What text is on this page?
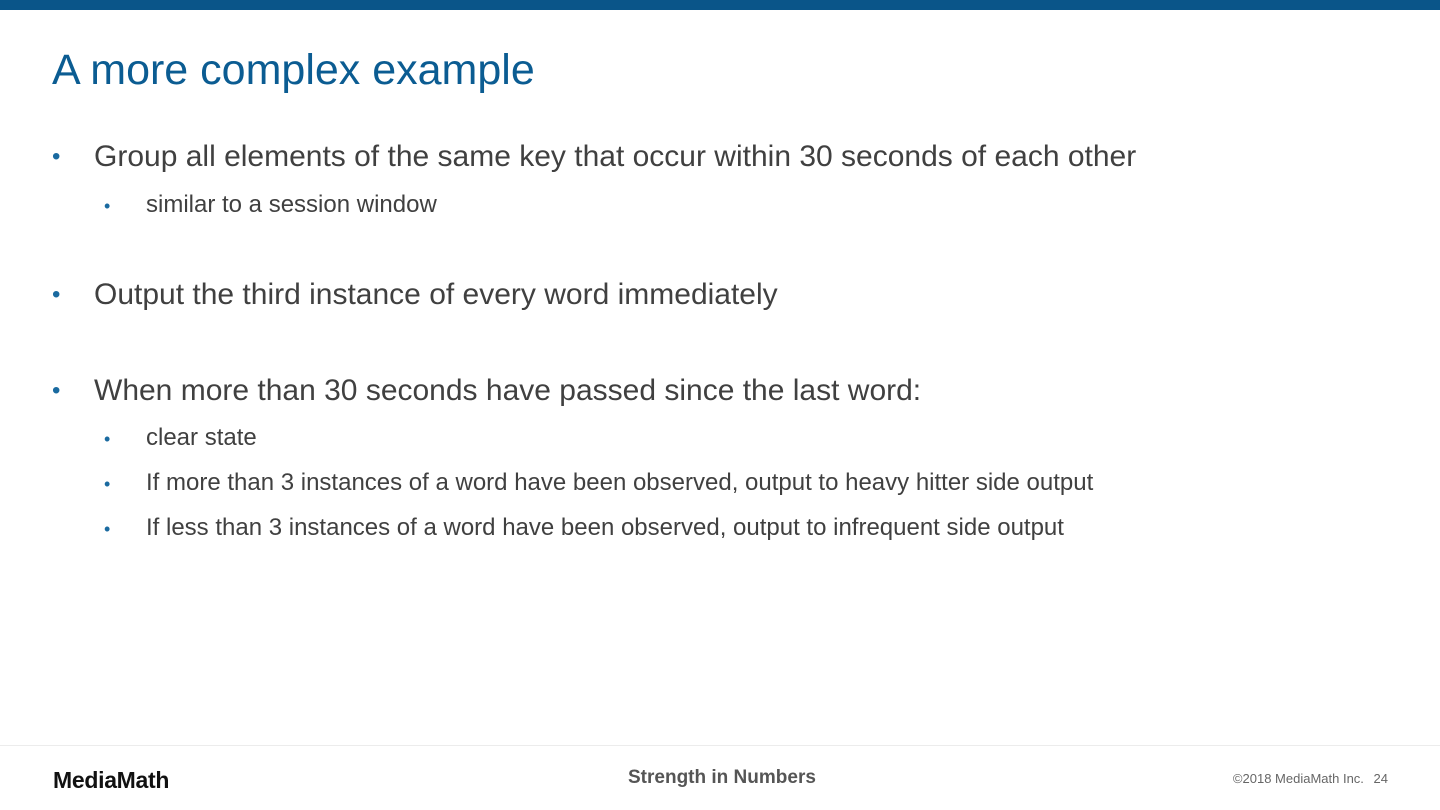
A more complex example
• Group all elements of the same key that occur within 30 seconds of each other
• similar to a session window
• Output the third instance of every word immediately
• When more than 30 seconds have passed since the last word:
• clear state
• If more than 3 instances of a word have been observed, output to heavy hitter side output
• If less than 3 instances of a word have been observed, output to infrequent side output
MediaMath	Strength in Numbers	©2018 MediaMath Inc. 24
